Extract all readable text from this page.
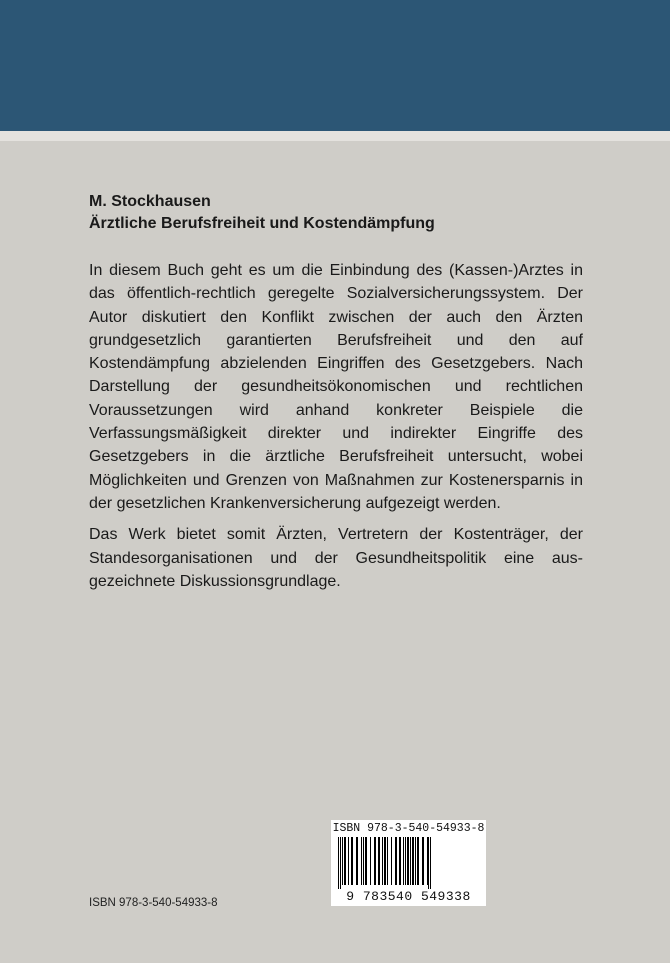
M. Stockhausen

Ärztliche Berufsfreiheit und Kostendämpfung

In diesem Buch geht es um die Einbindung des (Kassen-)Arztes in das öffentlich-rechtlich geregelte Sozialversicherungssystem. Der Autor diskutiert den Konflikt zwischen der auch den Ärzten grundgesetzlich garantierten Berufsfreiheit und den auf Kostendämpfung abzielenden Eingriffen des Gesetzgebers. Nach Darstellung der gesundheitsökonomischen und rechtlichen Voraussetzungen wird anhand konkreter Beispiele die Verfassungsmäßigkeit direkter und indirekter Eingriffe des Gesetzgebers in die ärztliche Berufsfreiheit untersucht, wobei Möglichkeiten und Grenzen von Maßnahmen zur Kostenersparnis in der gesetzlichen Krankenversicherung aufgezeigt werden.

Das Werk bietet somit Ärzten, Vertretern der Kostenträger, der Standesorganisationen und der Gesundheitspolitik eine ausgezeichnete Diskussionsgrundlage.

ISBN 978-3-540-54933-8
ISBN 978-3-540-54933-8
9 783540 549338
